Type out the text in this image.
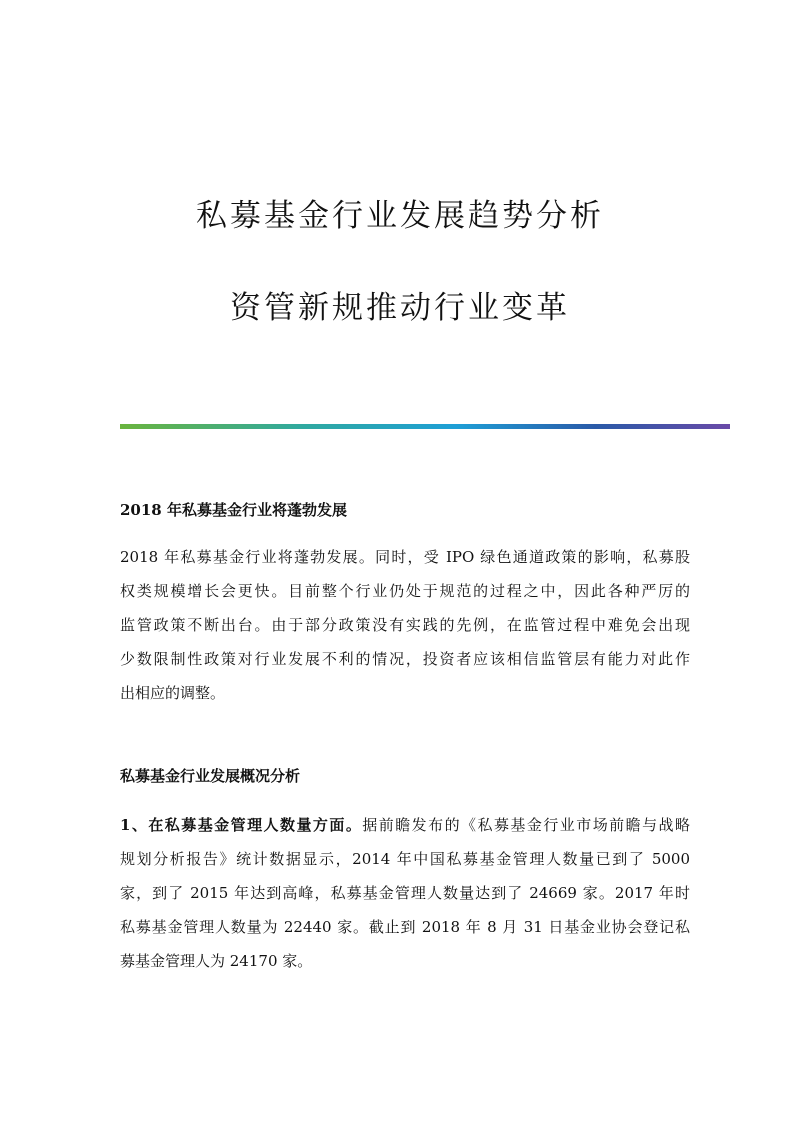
私募基金行业发展趋势分析
资管新规推动行业变革
2018 年私募基金行业将蓬勃发展
2018 年私募基金行业将蓬勃发展。同时，受 IPO 绿色通道政策的影响，私募股
权类规模增长会更快。目前整个行业仍处于规范的过程之中，因此各种严厉的
监管政策不断出台。由于部分政策没有实践的先例，在监管过程中难免会出现
少数限制性政策对行业发展不利的情况，投资者应该相信监管层有能力对此作
出相应的调整。
私募基金行业发展概况分析
1、在私募基金管理人数量方面。据前瞻发布的《私募基金行业市场前瞻与战略
规划分析报告》统计数据显示，2014 年中国私募基金管理人数量已到了 5000
家，到了 2015 年达到高峰，私募基金管理人数量达到了 24669 家。2017 年时
私募基金管理人数量为 22440 家。截止到 2018 年 8 月 31 日基金业协会登记私
募基金管理人为 24170 家。
